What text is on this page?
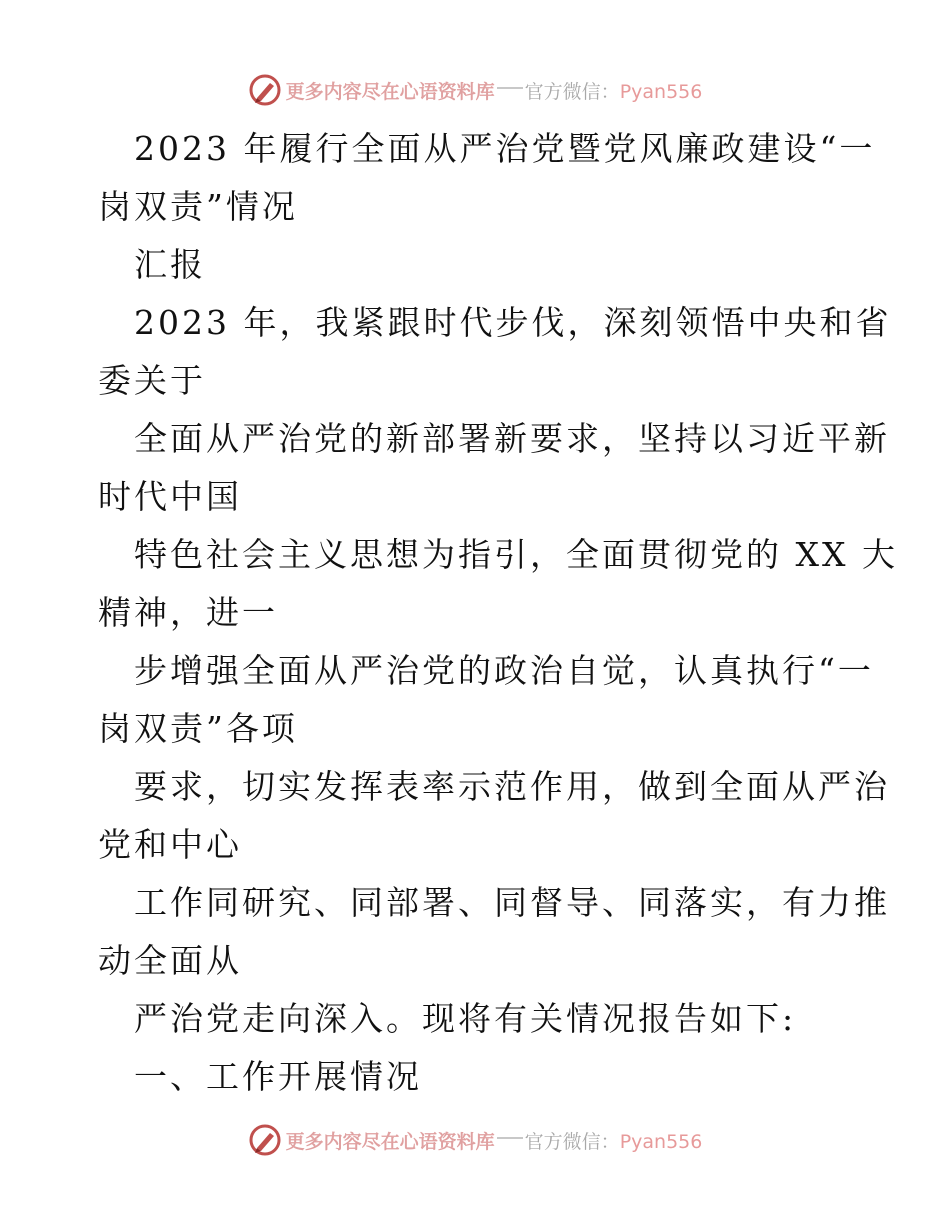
更多内容尽在心语资料库 官方微信：Pyan556
2023 年履行全面从严治党暨党风廉政建设“一
岗双责”情况
汇报
2023 年，我紧跟时代步伐，深刻领悟中央和省
委关于
全面从严治党的新部署新要求，坚持以习近平新
时代中国
特色社会主义思想为指引，全面贯彻党的 XX 大
精神，进一
步增强全面从严治党的政治自觉，认真执行“一
岗双责”各项
要求，切实发挥表率示范作用，做到全面从严治
党和中心
工作同研究、同部署、同督导、同落实，有力推
动全面从
严治党走向深入。现将有关情况报告如下:
一、工作开展情况
更多内容尽在心语资料库 官方微信：Pyan556
